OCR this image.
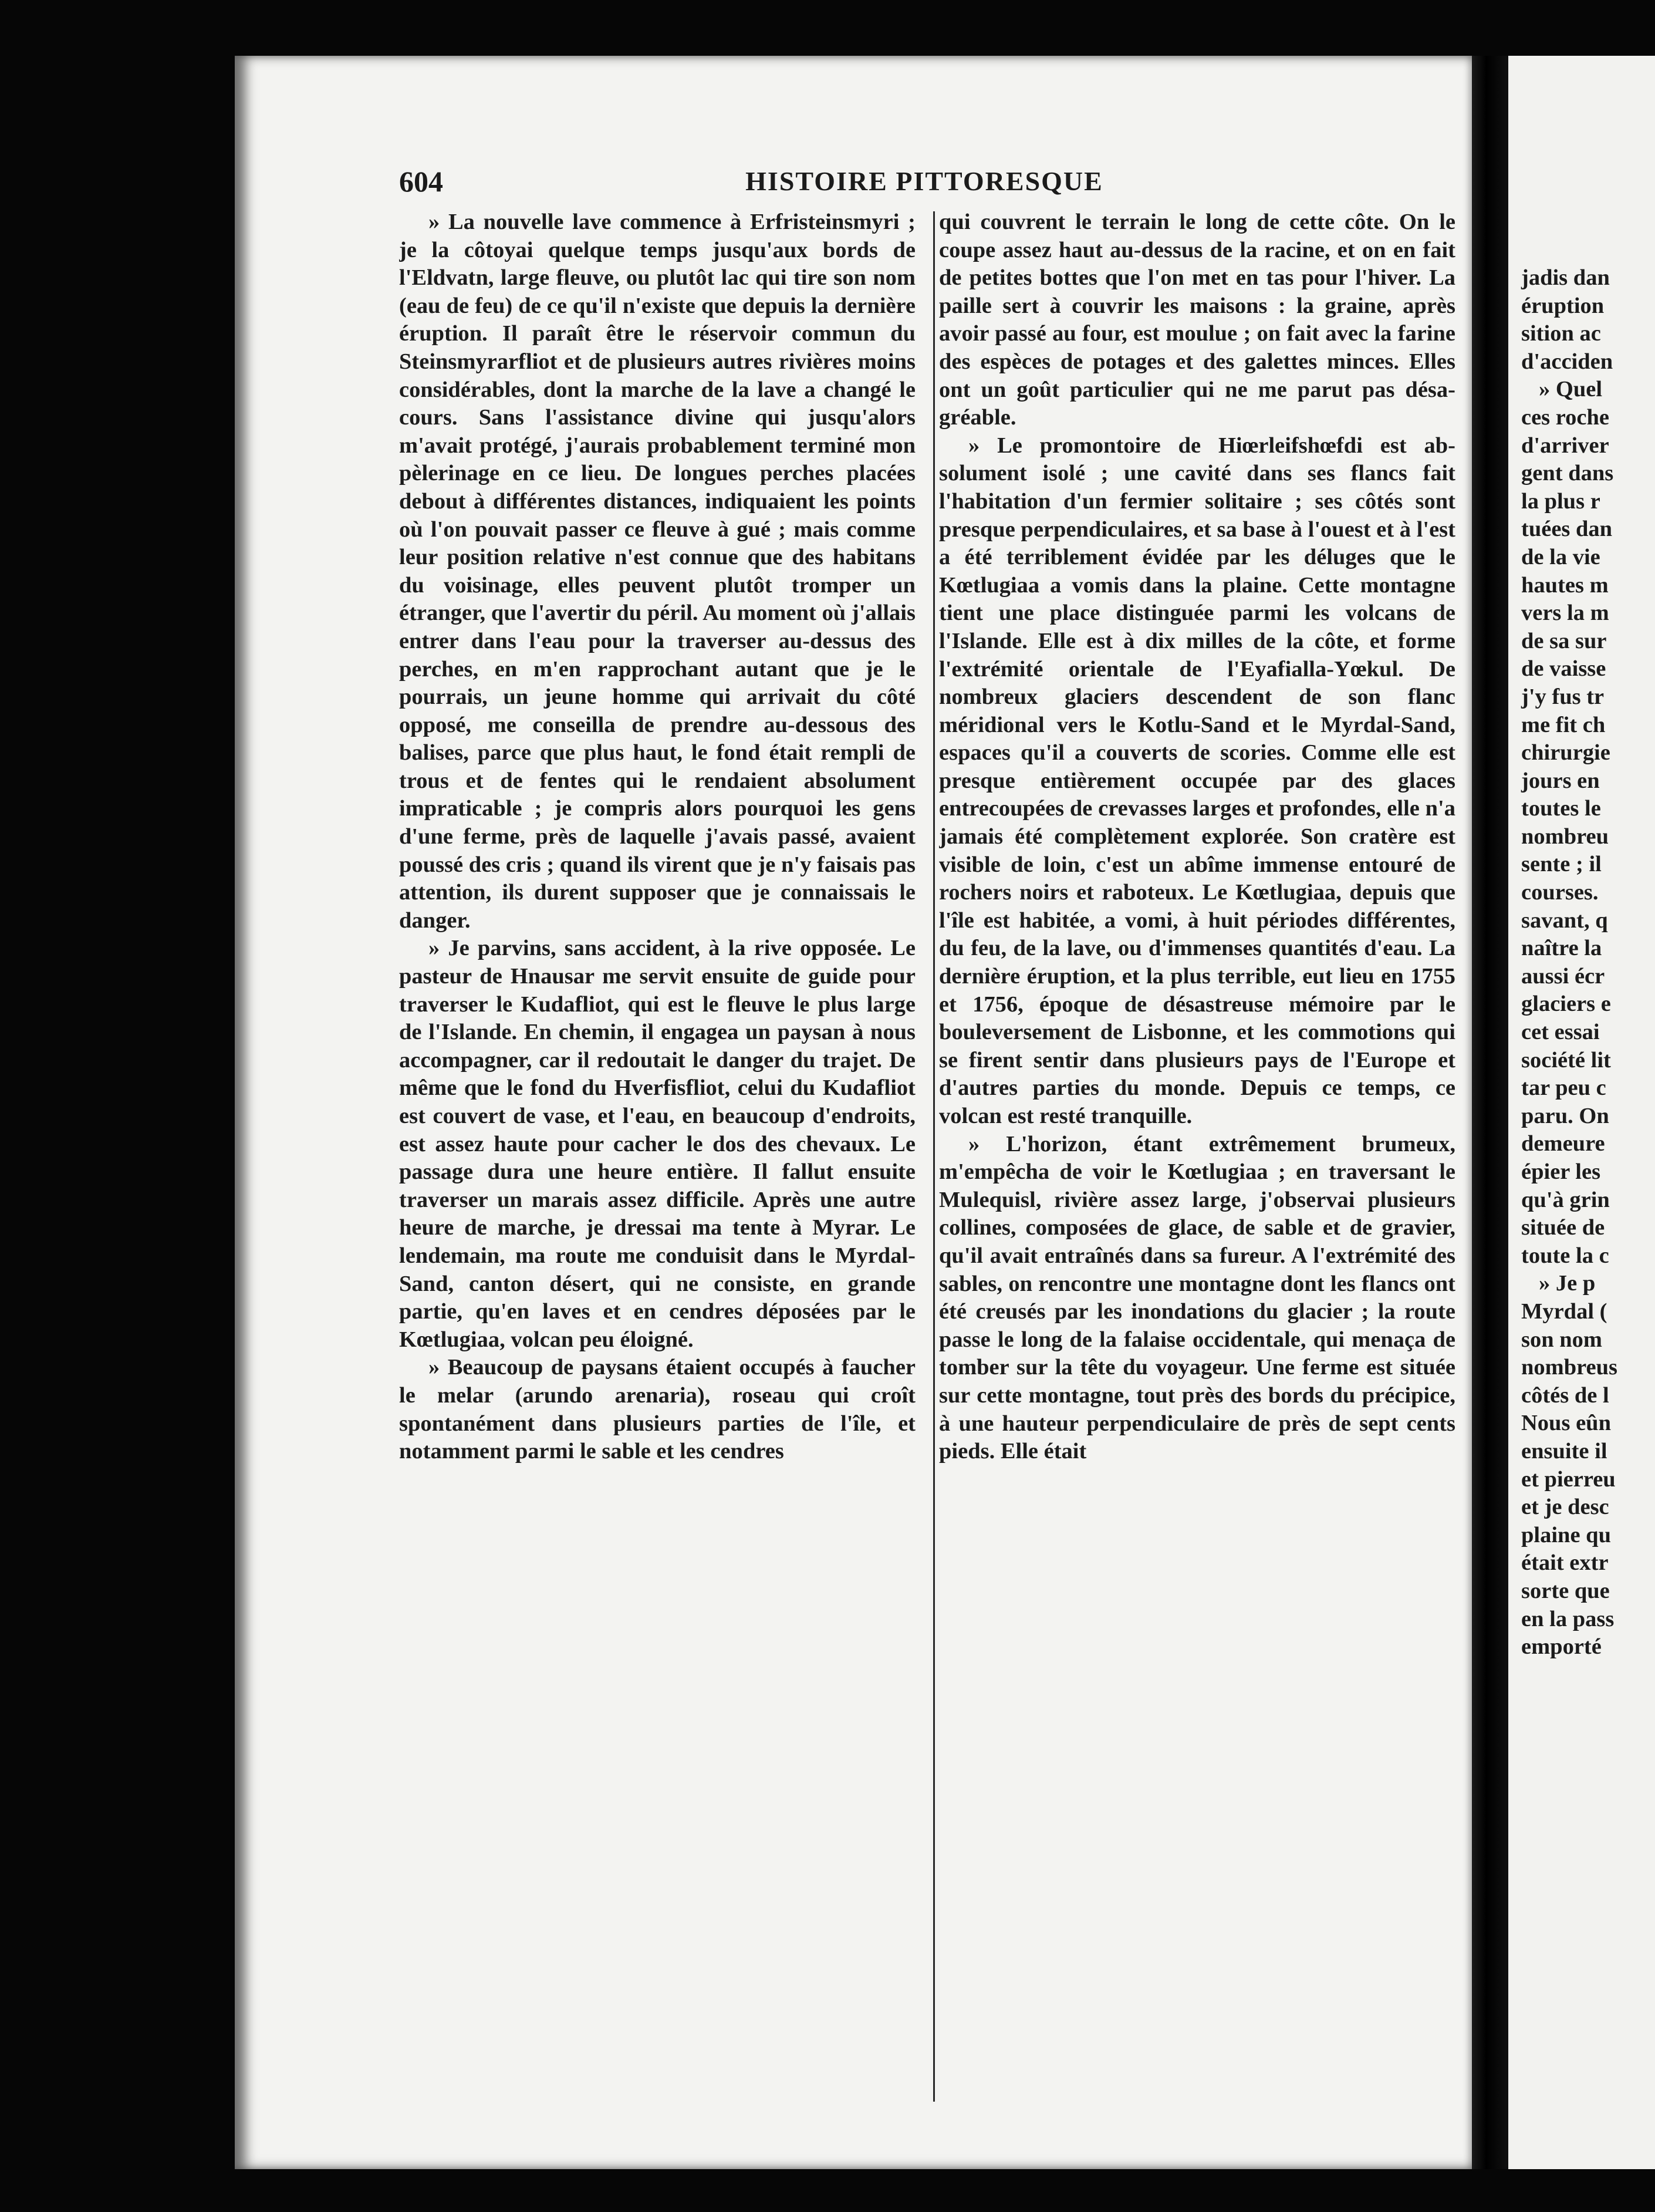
jadis dan
éruption
sition ac
d'acciden
» Quel
ces roche
d'arriver
gent dans
la plus r
tuées dan
de la vie
hautes m
vers la m
de sa sur
de vaisse
j'y fus tr
me fit ch
chirurgie
jours en
toutes le
nombreu
sente ; il
courses.
savant, q
naître la
aussi écr
glaciers e
cet essai
société lit
tar peu c
paru. On
demeure
épier les
qu'à grin
située de
toute la c
» Je p
Myrdal (
son nom
nombreus
côtés de l
Nous eûn
ensuite il
et pierreu
et je desc
plaine qu
était extr
sorte que
en la pass
emporté
604	HISTOIRE PITTORESQUE

» La nouvelle lave commence à Erfristeinsmyri ; je la côtoyai quelque temps jusqu'aux bords de l'Eldvatn, large fleuve, ou plutôt lac qui tire son nom (eau de feu) de ce qu'il n'existe que depuis la dernière éruption. Il paraît être le réservoir commun du Steinsmyrarfliot et de plusieurs autres rivières moins considérables, dont la marche de la lave a changé le cours. Sans l'assistance divine qui jusqu'alors m'avait protégé, j'aurais probablement terminé mon pèlerinage en ce lieu. De longues perches placées debout à différentes distances, indiquaient les points où l'on pouvait passer ce fleuve à gué ; mais comme leur position relative n'est connue que des habitans du voisinage, elles peuvent plutôt tromper un étranger, que l'avertir du péril. Au moment où j'allais entrer dans l'eau pour la traverser au-dessus des perches, en m'en rapprochant autant que je le pourrais, un jeune homme qui arrivait du côté opposé, me conseilla de prendre au-dessous des balises, parce que plus haut, le fond était rempli de trous et de fentes qui le rendaient absolument impraticable ; je compris alors pourquoi les gens d'une ferme, près de laquelle j'avais passé, avaient poussé des cris ; quand ils virent que je n'y faisais pas attention, ils durent supposer que je connaissais le danger.

» Je parvins, sans accident, à la rive opposée. Le pasteur de Hnausar me servit ensuite de guide pour traverser le Kudafliot, qui est le fleuve le plus large de l'Islande. En chemin, il engagea un paysan à nous accompagner, car il redoutait le danger du trajet. De même que le fond du Hverfisfliot, celui du Kudafliot est couvert de vase, et l'eau, en beaucoup d'endroits, est assez haute pour cacher le dos des chevaux. Le passage dura une heure entière. Il fallut ensuite traverser un marais assez difficile. Après une autre heure de marche, je dressai ma tente à Myrar. Le lendemain, ma route me conduisit dans le Myrdal-Sand, canton désert, qui ne consiste, en grande partie, qu'en laves et en cendres déposées par le Kœtlugiaa, volcan peu éloigné.

» Beaucoup de paysans étaient occupés à faucher le melar (arundo arenaria), roseau qui croît spontanément dans plusieurs parties de l'île, et notamment parmi le sable et les cendres

qui couvrent le terrain le long de cette côte. On le coupe assez haut au-dessus de la racine, et on en fait de petites bottes que l'on met en tas pour l'hiver. La paille sert à couvrir les maisons : la graine, après avoir passé au four, est moulue ; on fait avec la farine des espèces de potages et des galettes minces. Elles ont un goût particulier qui ne me parut pas désagréable.

» Le promontoire de Hiœrleifshœfdi est absolument isolé ; une cavité dans ses flancs fait l'habitation d'un fermier solitaire ; ses côtés sont presque perpendiculaires, et sa base à l'ouest et à l'est a été terriblement évidée par les déluges que le Kœtlugiaa a vomis dans la plaine. Cette montagne tient une place distinguée parmi les volcans de l'Islande. Elle est à dix milles de la côte, et forme l'extrémité orientale de l'Eyafialla-Yœkul. De nombreux glaciers descendent de son flanc méridional vers le Kotlu-Sand et le Myrdal-Sand, espaces qu'il a couverts de scories. Comme elle est presque entièrement occupée par des glaces entrecoupées de crevasses larges et profondes, elle n'a jamais été complètement explorée. Son cratère est visible de loin, c'est un abîme immense entouré de rochers noirs et raboteux. Le Kœtlugiaa, depuis que l'île est habitée, a vomi, à huit périodes différentes, du feu, de la lave, ou d'immenses quantités d'eau. La dernière éruption, et la plus terrible, eut lieu en 1755 et 1756, époque de désastreuse mémoire par le bouleversement de Lisbonne, et les commotions qui se firent sentir dans plusieurs pays de l'Europe et d'autres parties du monde. Depuis ce temps, ce volcan est resté tranquille.

» L'horizon, étant extrêmement brumeux, m'empêcha de voir le Kœtlugiaa ; en traversant le Mulequisl, rivière assez large, j'observai plusieurs collines, composées de glace, de sable et de gravier, qu'il avait entraînés dans sa fureur. A l'extrémité des sables, on rencontre une montagne dont les flancs ont été creusés par les inondations du glacier ; la route passe le long de la falaise occidentale, qui menaça de tomber sur la tête du voyageur. Une ferme est située sur cette montagne, tout près des bords du précipice, à une hauteur perpendiculaire de près de sept cents pieds. Elle était
